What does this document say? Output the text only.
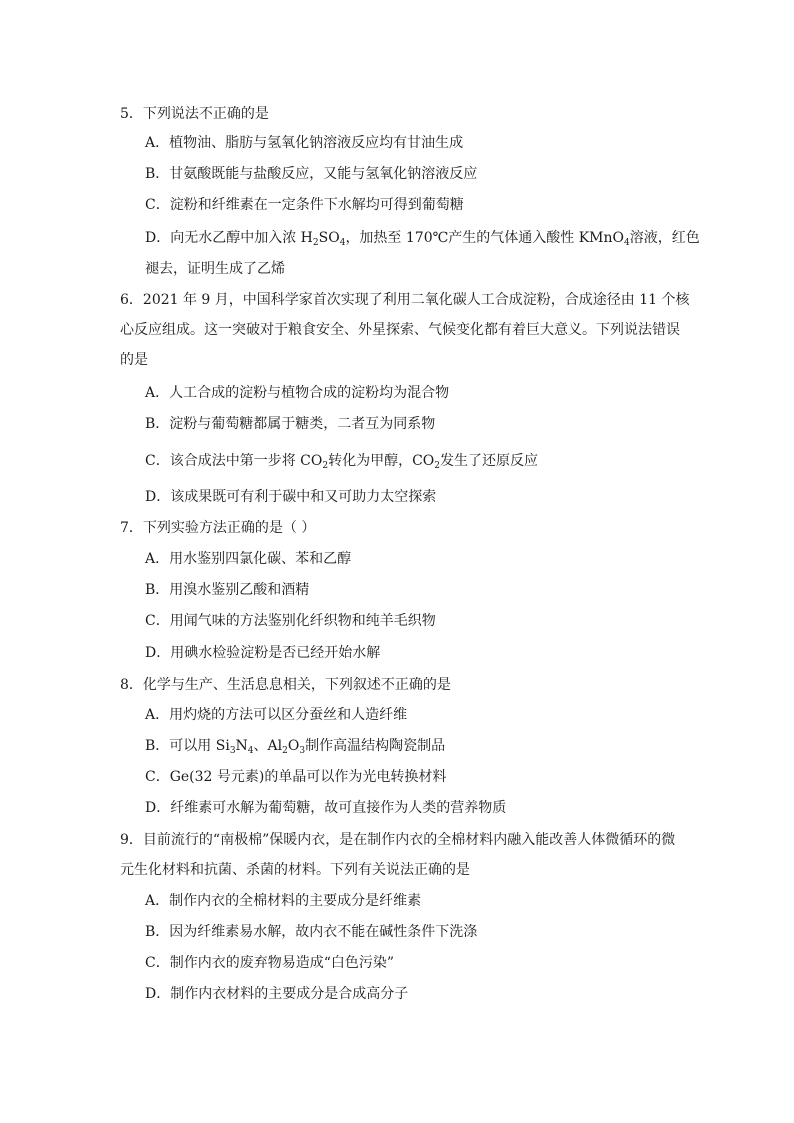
5．下列说法不正确的是
A．植物油、脂肪与氢氧化钠溶液反应均有甘油生成
B．甘氨酸既能与盐酸反应，又能与氢氧化钠溶液反应
C．淀粉和纤维素在一定条件下水解均可得到葡萄糖
D．向无水乙醇中加入浓 $H_2SO_4$，加热至 170℃产生的气体通入酸性 KMnO$_4$溶液，红色
褪去，证明生成了乙烯
6．2021 年 9 月，中国科学家首次实现了利用二氧化碳人工合成淀粉，合成途径由 11 个核
心反应组成。这一突破对于粮食安全、外星探索、气候变化都有着巨大意义。下列说法错误
的是
A．人工合成的淀粉与植物合成的淀粉均为混合物
B．淀粉与葡萄糖都属于糖类，二者互为同系物
C．该合成法中第一步将 $CO_2$转化为甲醇，$CO_2$发生了还原反应
D．该成果既可有利于碳中和又可助力太空探索
7．下列实验方法正确的是（ ）
A．用水鉴别四氯化碳、苯和乙醇
B．用溴水鉴别乙酸和酒精
C．用闻气味的方法鉴别化纤织物和纯羊毛织物
D．用碘水检验淀粉是否已经开始水解
8．化学与生产、生活息息相关，下列叙述不正确的是
A．用灼烧的方法可以区分蚕丝和人造纤维
B．可以用 $Si_3N_4$、$Al_2O_3$制作高温结构陶瓷制品
C．Ge(32 号元素)的单晶可以作为光电转换材料
D．纤维素可水解为葡萄糖，故可直接作为人类的营养物质
9．目前流行的“南极棉”保暖内衣，是在制作内衣的全棉材料内融入能改善人体微循环的微
元生化材料和抗菌、杀菌的材料。下列有关说法正确的是
A．制作内衣的全棉材料的主要成分是纤维素
B．因为纤维素易水解，故内衣不能在碱性条件下洗涤
C．制作内衣的废弃物易造成“白色污染”
D．制作内衣材料的主要成分是合成高分子
